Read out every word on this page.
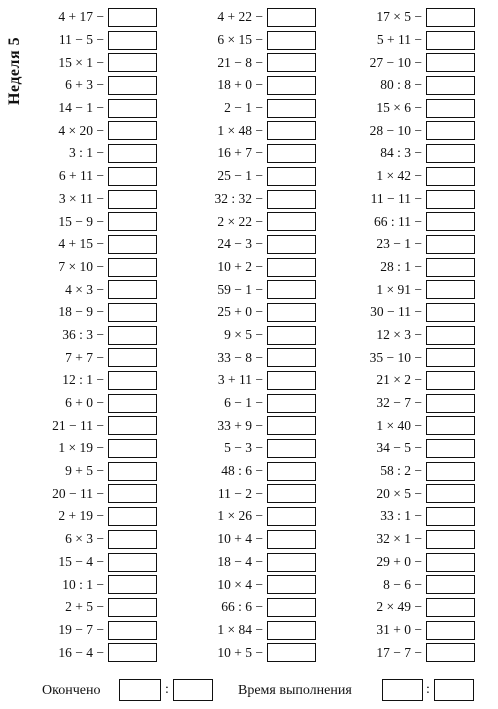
Неделя 5
4 + 17 −
11 − 5 −
15 × 1 −
6 + 3 −
14 − 1 −
4 × 20 −
3 : 1 −
6 + 11 −
3 × 11 −
15 − 9 −
4 + 15 −
7 × 10 −
4 × 3 −
18 − 9 −
36 : 3 −
7 + 7 −
12 : 1 −
6 + 0 −
21 − 11 −
1 × 19 −
9 + 5 −
20 − 11 −
2 + 19 −
6 × 3 −
15 − 4 −
10 : 1 −
2 + 5 −
19 − 7 −
16 − 4 −
4 + 22 −
6 × 15 −
21 − 8 −
18 + 0 −
2 − 1 −
1 × 48 −
16 + 7 −
25 − 1 −
32 : 32 −
2 × 22 −
24 − 3 −
10 + 2 −
59 − 1 −
25 + 0 −
9 × 5 −
33 − 8 −
3 + 11 −
6 − 1 −
33 + 9 −
5 − 3 −
48 : 6 −
11 − 2 −
1 × 26 −
10 + 4 −
18 − 4 −
10 × 4 −
66 : 6 −
1 × 84 −
10 + 5 −
17 × 5 −
5 + 11 −
27 − 10 −
80 : 8 −
15 × 6 −
28 − 10 −
84 : 3 −
1 × 42 −
11 − 11 −
66 : 11 −
23 − 1 −
28 : 1 −
1 × 91 −
30 − 11 −
12 × 3 −
35 − 10 −
21 × 2 −
32 − 7 −
1 × 40 −
34 − 5 −
58 : 2 −
20 × 5 −
33 : 1 −
32 × 1 −
29 + 0 −
8 − 6 −
2 × 49 −
31 + 0 −
17 − 7 −
Окончено	:	Время выполнения	:
